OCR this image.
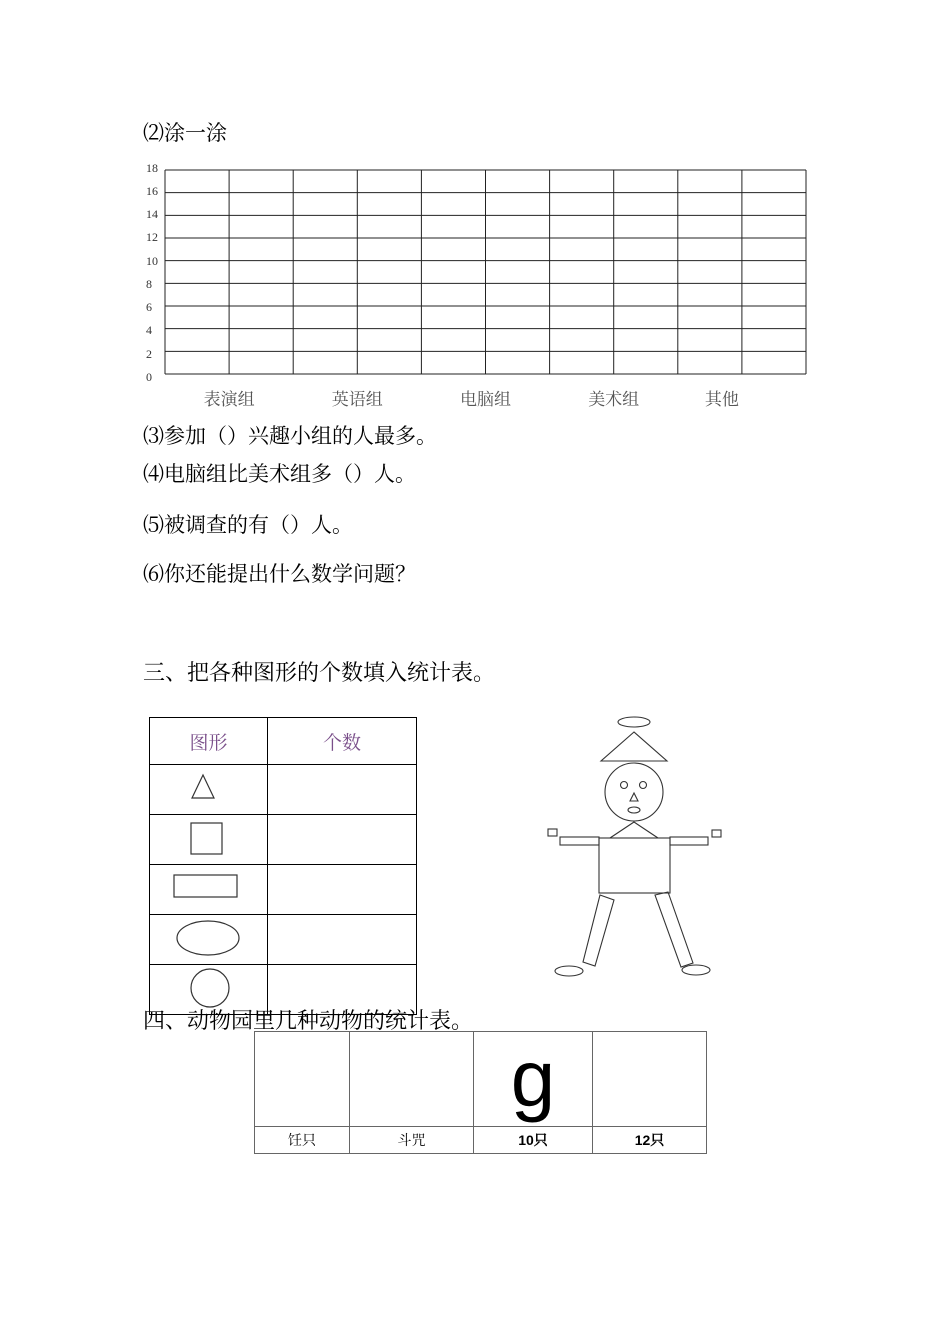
⑵涂一涂
0
2
4
6
8
10
12
14
16
18
表演组	英语组	电脑组	美术组	其他
⑶参加（）兴趣小组的人最多。
⑷电脑组比美术组多（）人。
⑸被调查的有（）人。
⑹你还能提出什么数学问题？
三、把各种图形的个数填入统计表。
图形	个数

四、动物园里几种动物的统计表。
		g	
饪只	斗咒	10只	12只
